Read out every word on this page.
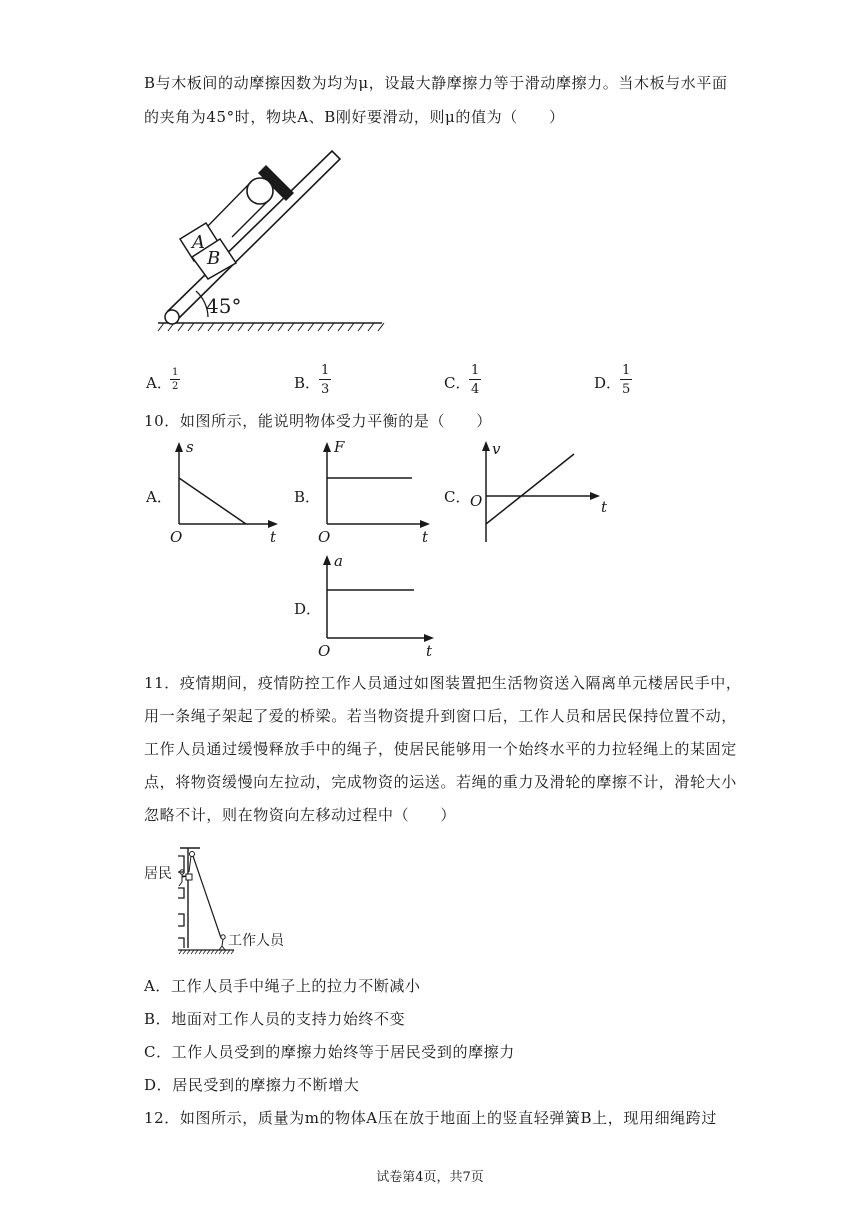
B与木板间的动摩擦因数为均为μ，设最大静摩擦力等于滑动摩擦力。当木板与水平面
的夹角为45°时，物块A、B刚好要滑动，则μ的值为（　　）
45°
A
B
A．
$\frac{1}{2}$	B．
$\frac{1}{3}$	C．
$\frac{1}{4}$	D．
$\frac{1}{5}$
10．如图所示，能说明物体受力平衡的是（　　）
A．
s
t
O
B．
F
t
O
C．
v
t
O
D．
a
t
O
11．疫情期间，疫情防控工作人员通过如图装置把生活物资送入隔离单元楼居民手中，
用一条绳子架起了爱的桥梁。若当物资提升到窗口后，工作人员和居民保持位置不动，
工作人员通过缓慢释放手中的绳子，使居民能够用一个始终水平的力拉轻绳上的某固定
点，将物资缓慢向左拉动，完成物资的运送。若绳的重力及滑轮的摩擦不计，滑轮大小
忽略不计，则在物资向左移动过程中（　　）
居民
工作人员
A．工作人员手中绳子上的拉力不断减小
B．地面对工作人员的支持力始终不变
C．工作人员受到的摩擦力始终等于居民受到的摩擦力
D．居民受到的摩擦力不断增大
12．如图所示，质量为m的物体A压在放于地面上的竖直轻弹簧B上，现用细绳跨过
试卷第4页，共7页
